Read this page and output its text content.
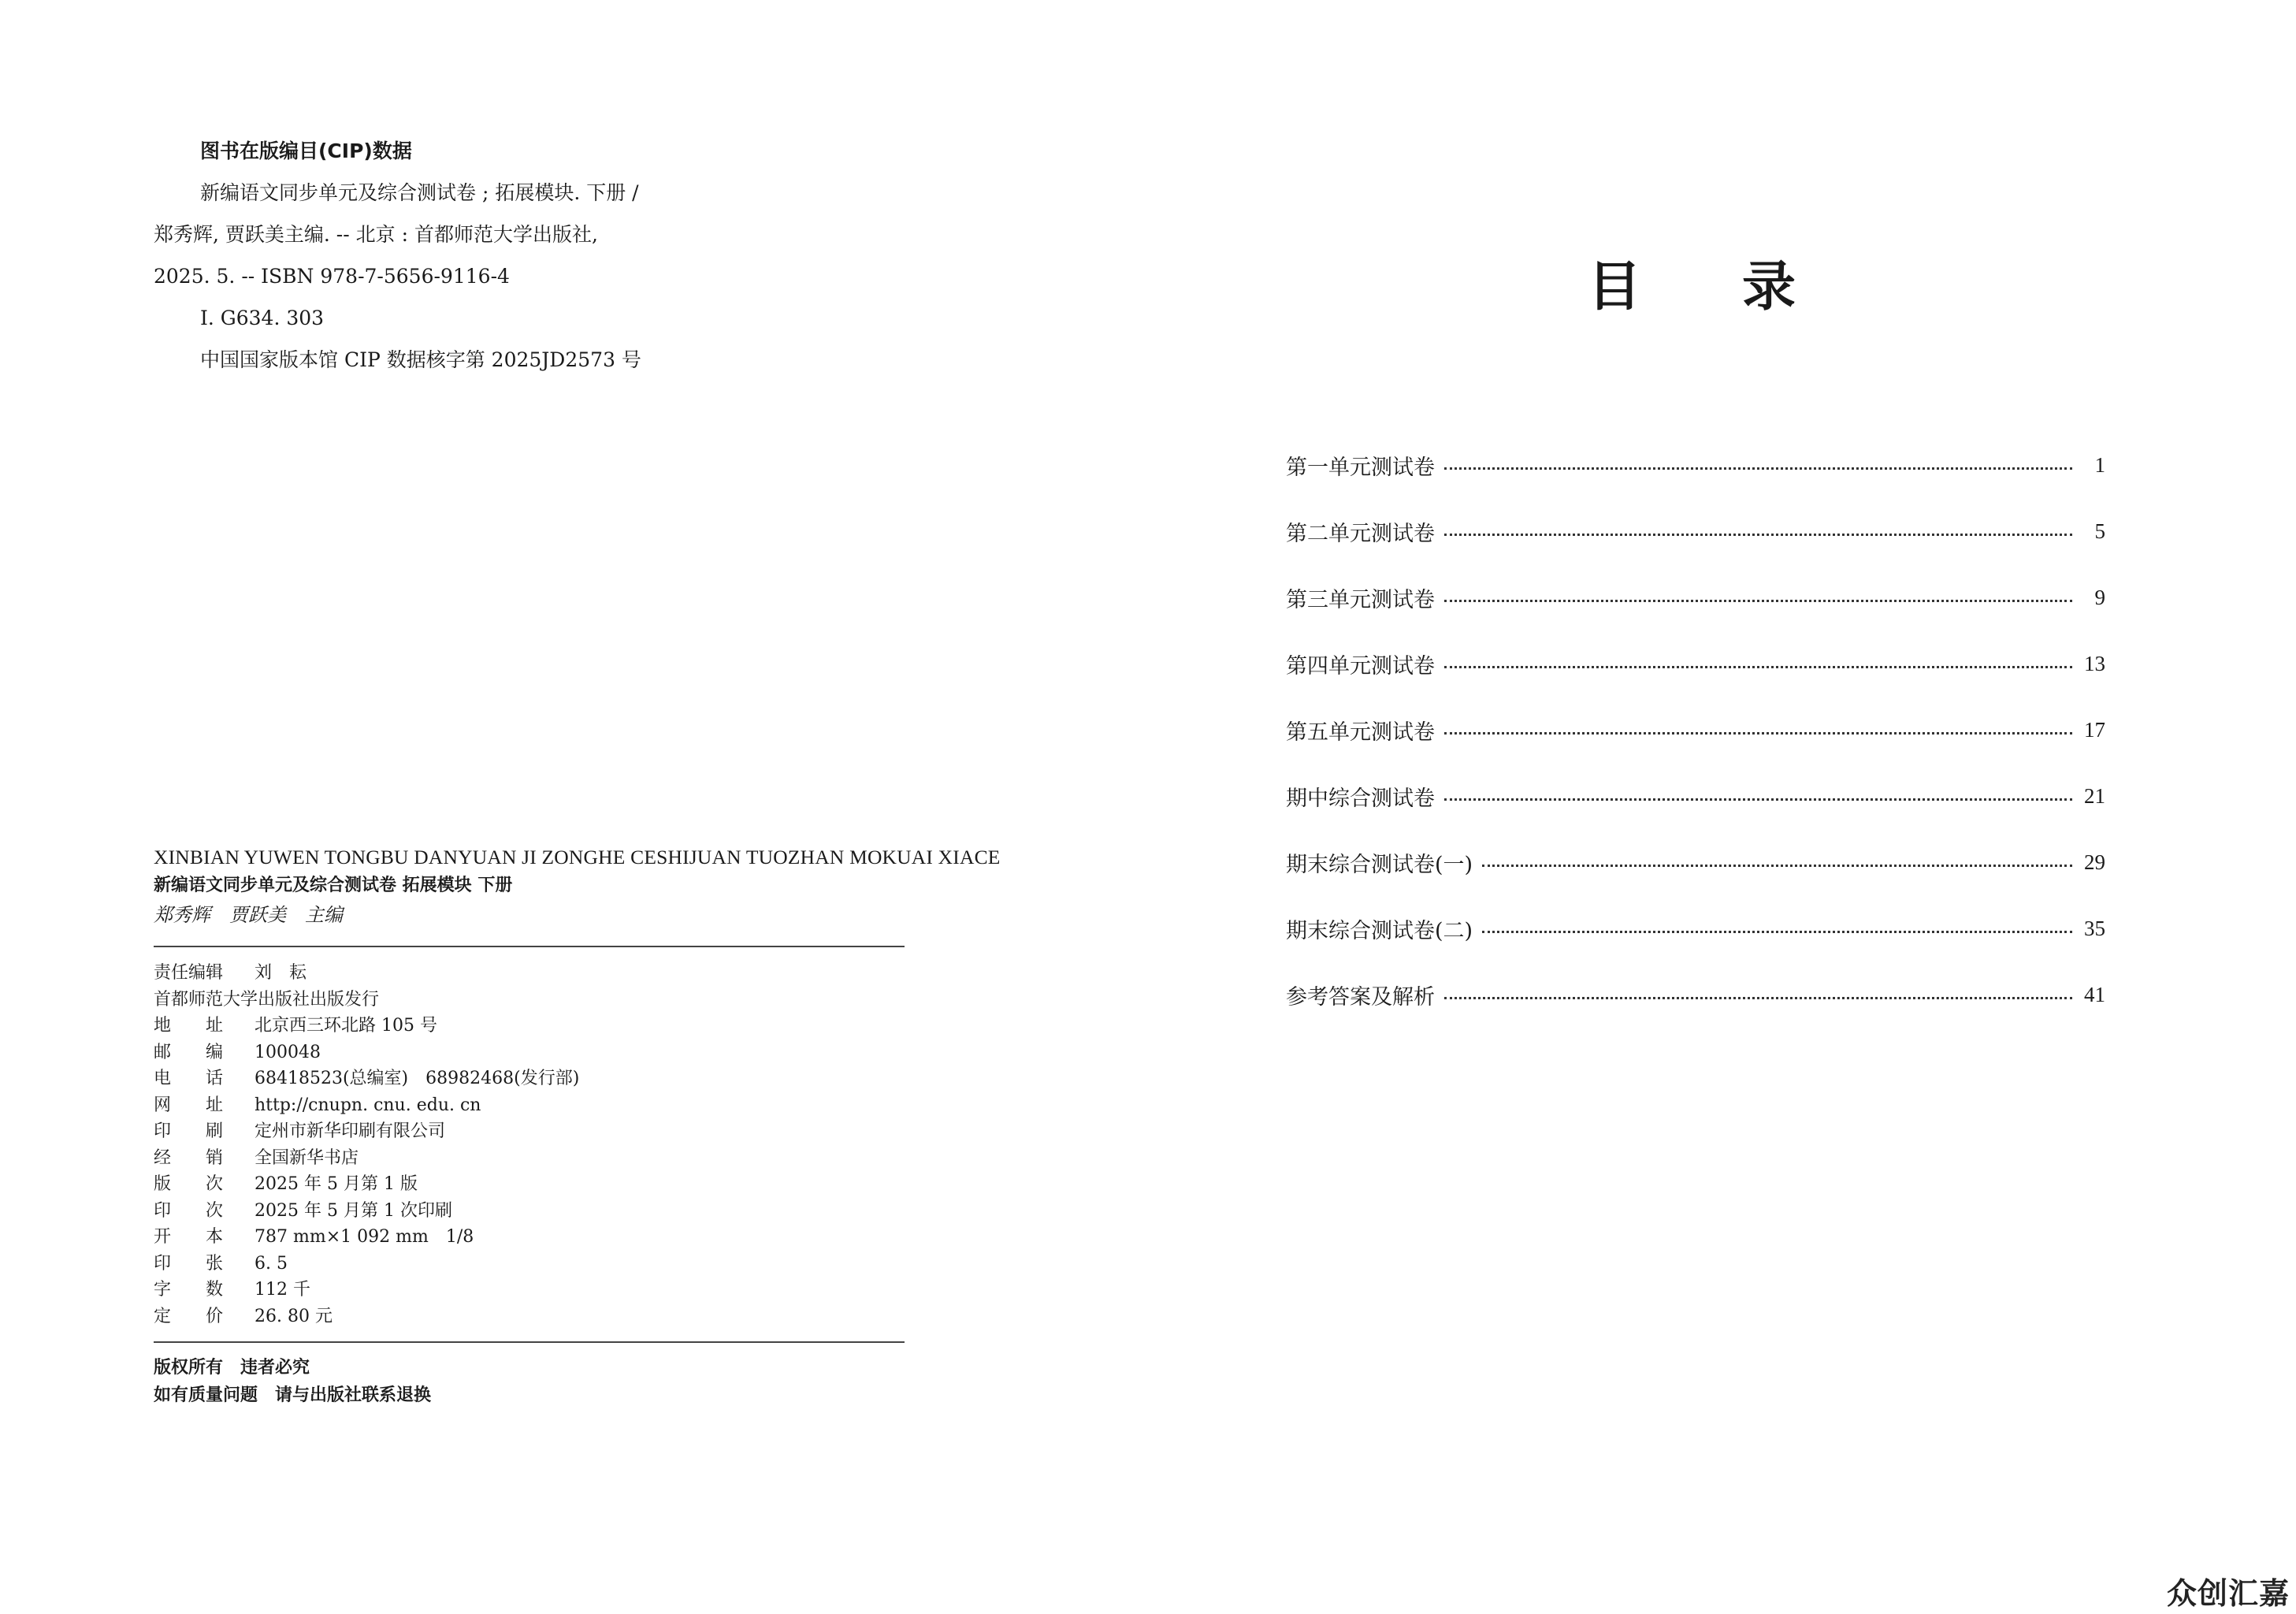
图书在版编目(CIP)数据
新编语文同步单元及综合测试卷 ; 拓展模块. 下册 /
郑秀辉, 贾跃美主编. -- 北京 : 首都师范大学出版社,
2025. 5. -- ISBN 978-7-5656-9116-4
Ⅰ. G634. 303
中国国家版本馆 CIP 数据核字第 2025JD2573 号
XINBIAN YUWEN TONGBU DANYUAN JI ZONGHE CESHIJUAN TUOZHAN MOKUAI XIACE
新编语文同步单元及综合测试卷 拓展模块 下册
郑秀辉　贾跃美　主编
责任编辑 刘　耘
首都师范大学出版社出版发行
地　　址 北京西三环北路 105 号
邮　　编 100048
电　　话 68418523(总编室)　68982468(发行部)
网　　址 http://cnupn. cnu. edu. cn
印　　刷 定州市新华印刷有限公司
经　　销 全国新华书店
版　　次 2025 年 5 月第 1 版
印　　次 2025 年 5 月第 1 次印刷
开　　本 787 mm×1 092 mm　1/8
印　　张 6. 5
字　　数 112 千
定　　价 26. 80 元
版权所有　违者必究
如有质量问题　请与出版社联系退换
目录
第一单元测试卷	1
第二单元测试卷	5
第三单元测试卷	9
第四单元测试卷	13
第五单元测试卷	17
期中综合测试卷	21
期末综合测试卷(一)	29
期末综合测试卷(二)	35
参考答案及解析	41
众创汇嘉
